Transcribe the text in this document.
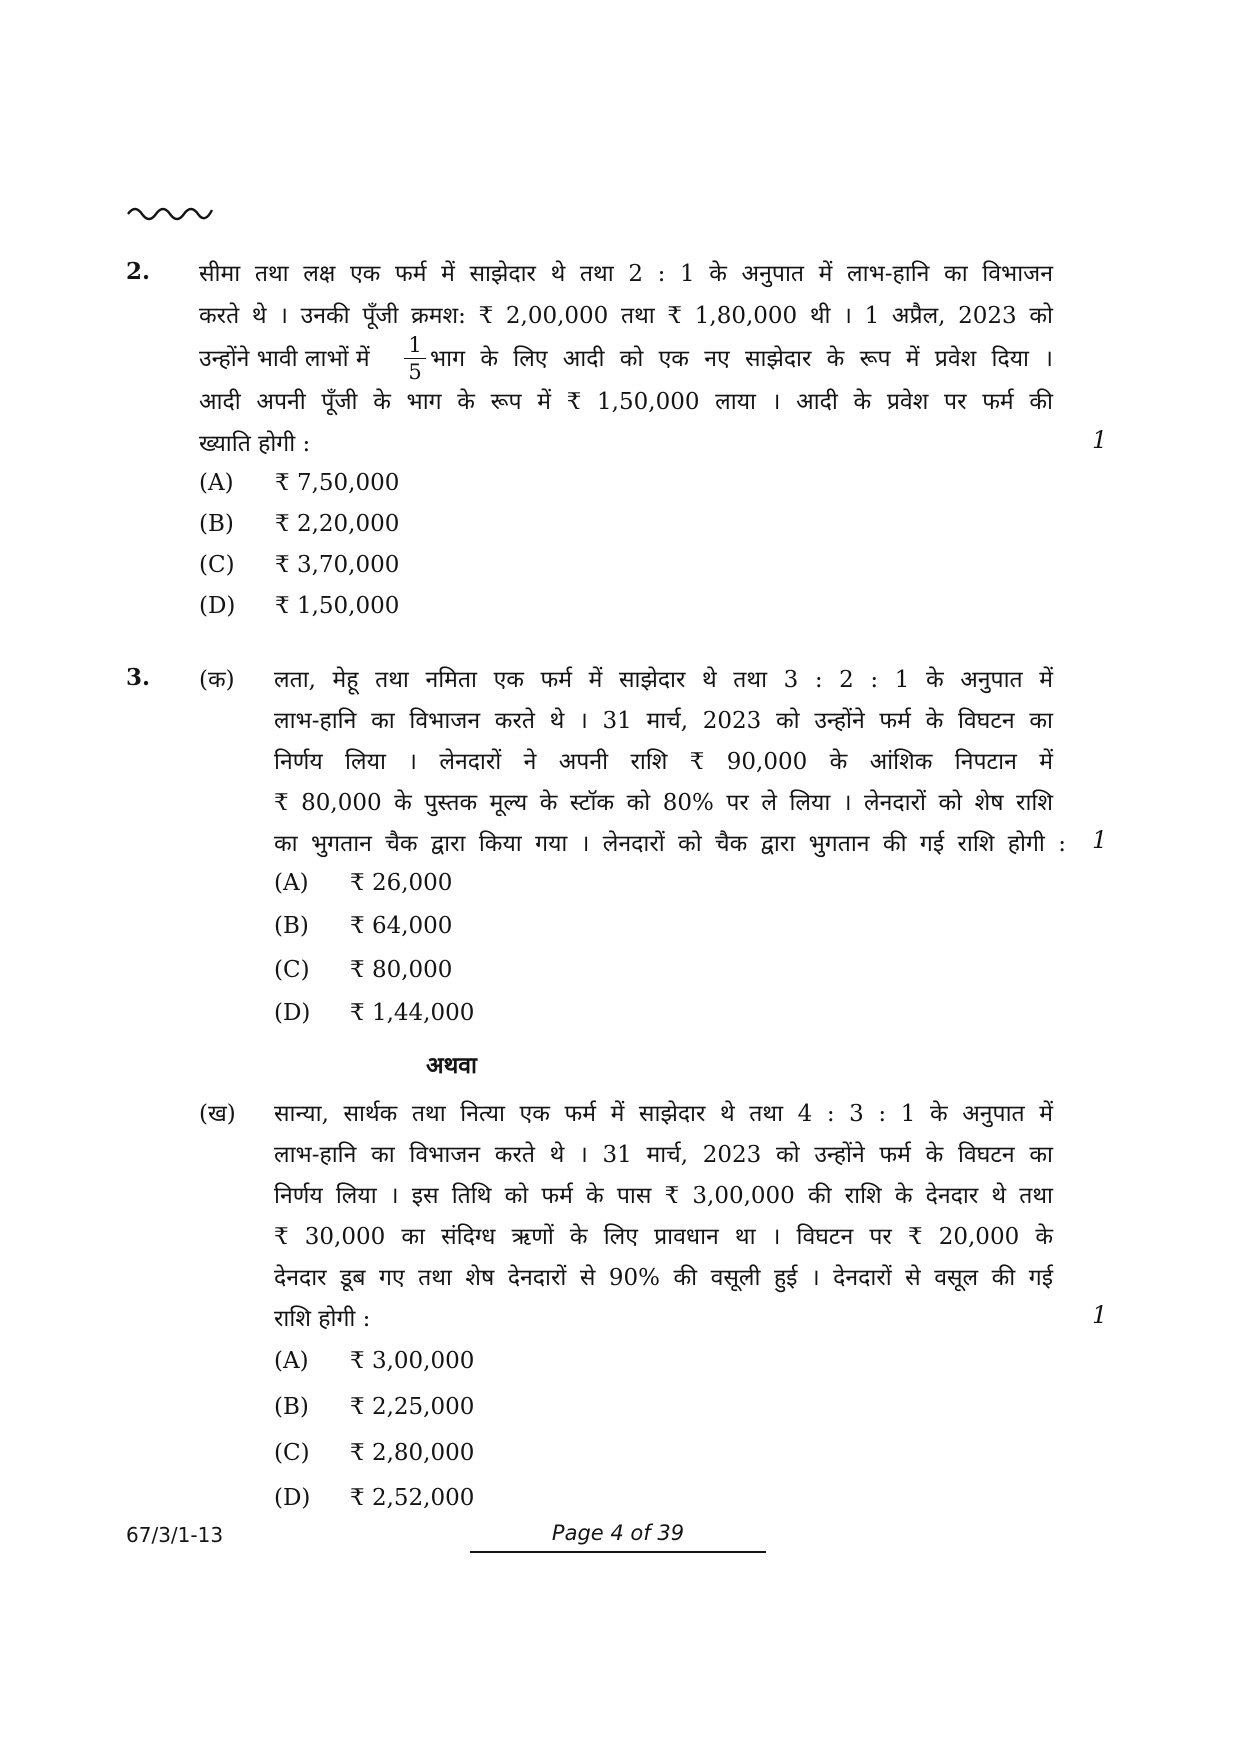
2. सीमा तथा लक्ष एक फर्म में साझेदार थे तथा 2 : 1 के अनुपात में लाभ-हानि का विभाजन
करते थे । उनकी पूँजी क्रमश: ₹ 2,00,000 तथा ₹ 1,80,000 थी । 1 अप्रैल, 2023 को
उन्होंने भावी लाभों में
1
5 भाग के लिए आदी को एक नए साझेदार के रूप में प्रवेश दिया ।
आदी अपनी पूँजी के भाग के रूप में ₹ 1,50,000 लाया । आदी के प्रवेश पर फर्म की
ख्याति होगी :	1
(A) ₹ 7,50,000
(B) ₹ 2,20,000
(C) ₹ 3,70,000
(D) ₹ 1,50,000
3. (क) लता, मेहू तथा नमिता एक फर्म में साझेदार थे तथा 3 : 2 : 1 के अनुपात में
लाभ-हानि का विभाजन करते थे । 31 मार्च, 2023 को उन्होंने फर्म के विघटन का
निर्णय लिया । लेनदारों ने अपनी राशि ₹ 90,000 के आंशिक निपटान में
₹ 80,000 के पुस्तक मूल्य के स्टॉक को 80% पर ले लिया । लेनदारों को शेष राशि
का भुगतान चैक द्वारा किया गया । लेनदारों को चैक द्वारा भुगतान की गई राशि होगी : 1
(A) ₹ 26,000
(B) ₹ 64,000
(C) ₹ 80,000
(D) ₹ 1,44,000
अथवा
(ख) सान्या, सार्थक तथा नित्या एक फर्म में साझेदार थे तथा 4 : 3 : 1 के अनुपात में
लाभ-हानि का विभाजन करते थे । 31 मार्च, 2023 को उन्होंने फर्म के विघटन का
निर्णय लिया । इस तिथि को फर्म के पास ₹ 3,00,000 की राशि के देनदार थे तथा
₹ 30,000 का संदिग्ध ऋणों के लिए प्रावधान था । विघटन पर ₹ 20,000 के
देनदार डूब गए तथा शेष देनदारों से 90% की वसूली हुई । देनदारों से वसूल की गई
राशि होगी :	1
(A) ₹ 3,00,000
(B) ₹ 2,25,000
(C) ₹ 2,80,000
(D) ₹ 2,52,000
67/3/1-13	Page 4 of 39
